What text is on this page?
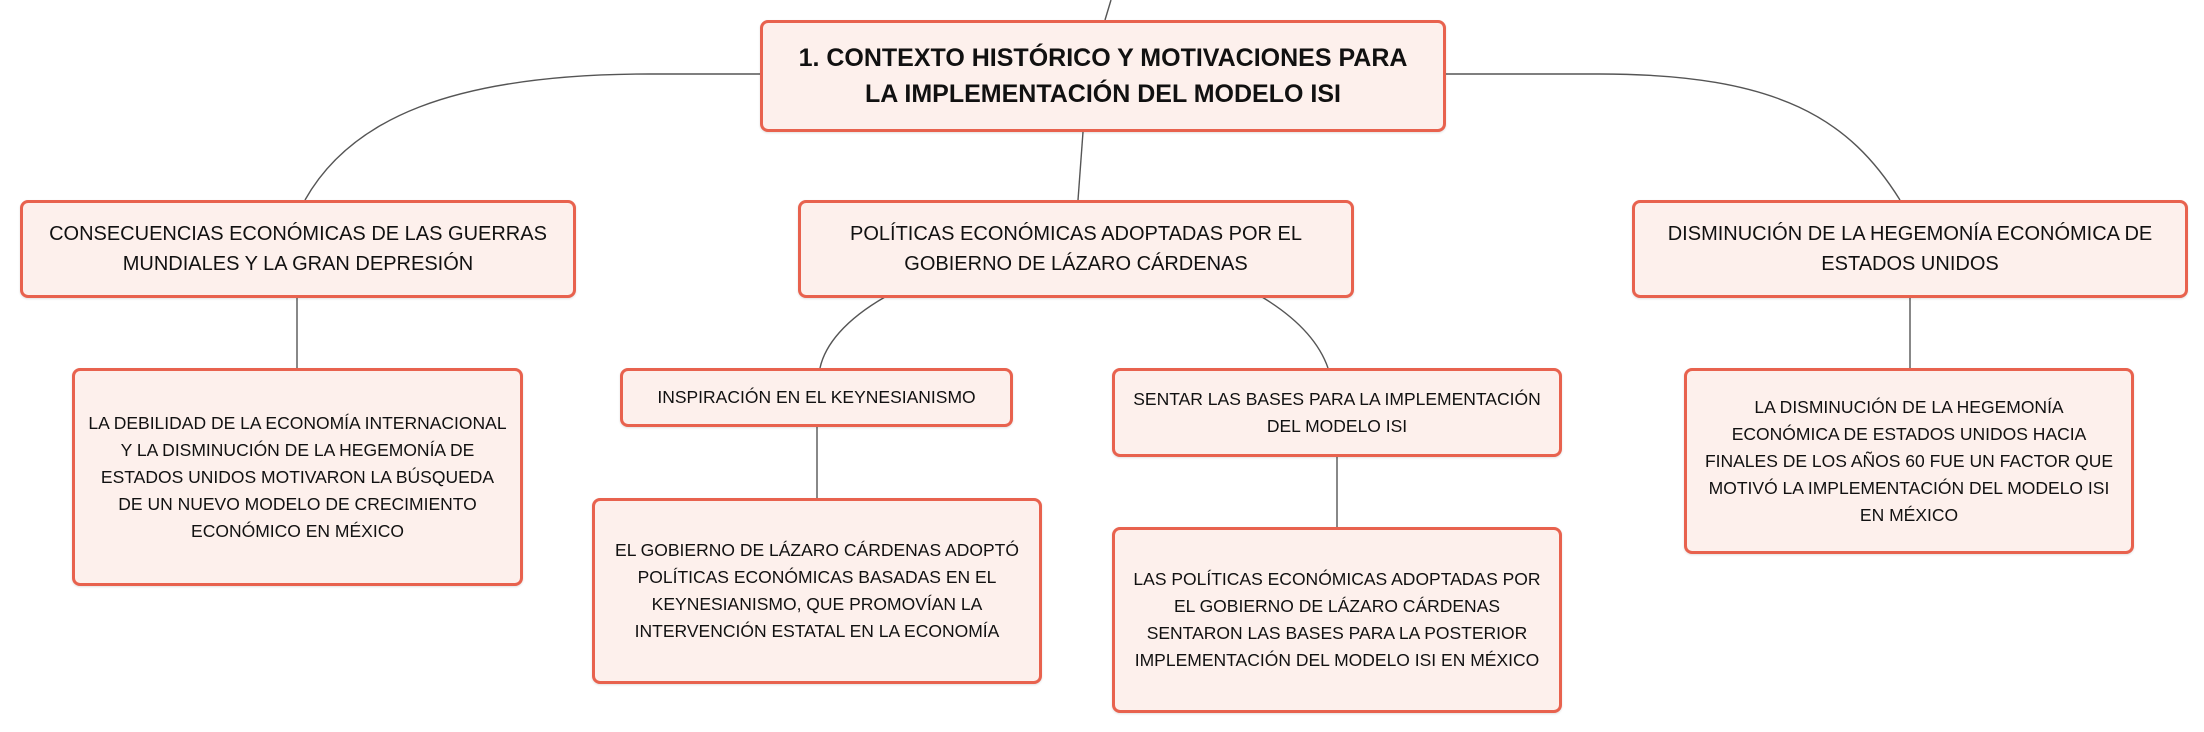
1. CONTEXTO HISTÓRICO Y MOTIVACIONES PARA LA IMPLEMENTACIÓN DEL MODELO ISI
CONSECUENCIAS ECONÓMICAS DE LAS GUERRAS MUNDIALES Y LA GRAN DEPRESIÓN
POLÍTICAS ECONÓMICAS ADOPTADAS POR EL GOBIERNO DE LÁZARO CÁRDENAS
DISMINUCIÓN DE LA HEGEMONÍA ECONÓMICA DE ESTADOS UNIDOS
LA DEBILIDAD DE LA ECONOMÍA INTERNACIONAL Y LA DISMINUCIÓN DE LA HEGEMONÍA DE ESTADOS UNIDOS MOTIVARON LA BÚSQUEDA DE UN NUEVO MODELO DE CRECIMIENTO ECONÓMICO EN MÉXICO
INSPIRACIÓN EN EL KEYNESIANISMO	SENTAR LAS BASES PARA LA IMPLEMENTACIÓN DEL MODELO ISI
EL GOBIERNO DE LÁZARO CÁRDENAS ADOPTÓ POLÍTICAS ECONÓMICAS BASADAS EN EL KEYNESIANISMO, QUE PROMOVÍAN LA INTERVENCIÓN ESTATAL EN LA ECONOMÍA
LAS POLÍTICAS ECONÓMICAS ADOPTADAS POR EL GOBIERNO DE LÁZARO CÁRDENAS SENTARON LAS BASES PARA LA POSTERIOR IMPLEMENTACIÓN DEL MODELO ISI EN MÉXICO
LA DISMINUCIÓN DE LA HEGEMONÍA ECONÓMICA DE ESTADOS UNIDOS HACIA FINALES DE LOS AÑOS 60 FUE UN FACTOR QUE MOTIVÓ LA IMPLEMENTACIÓN DEL MODELO ISI EN MÉXICO
